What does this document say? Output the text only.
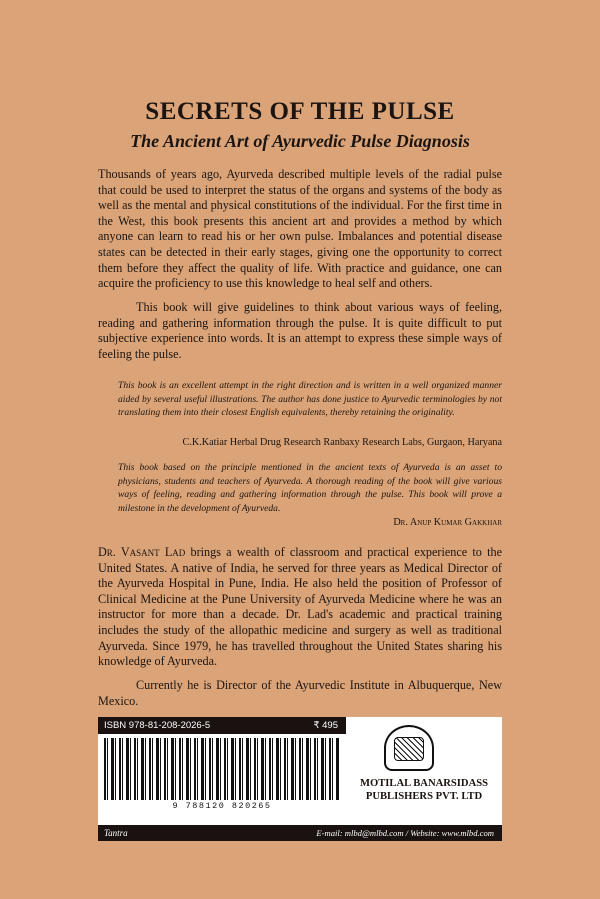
SECRETS OF THE PULSE
The Ancient Art of Ayurvedic Pulse Diagnosis
Thousands of years ago, Ayurveda described multiple levels of the radial pulse that could be used to interpret the status of the organs and systems of the body as well as the mental and physical constitutions of the individual. For the first time in the West, this book presents this ancient art and provides a method by which anyone can learn to read his or her own pulse. Imbalances and potential disease states can be detected in their early stages, giving one the opportunity to correct them before they affect the quality of life. With practice and guidance, one can acquire the proficiency to use this knowledge to heal self and others.
This book will give guidelines to think about various ways of feeling, reading and gathering information through the pulse. It is quite difficult to put subjective experience into words. It is an attempt to express these simple ways of feeling the pulse.
This book is an excellent attempt in the right direction and is written in a well organized manner aided by several useful illustrations. The author has done justice to Ayurvedic terminologies by not translating them into their closest English equivalents, thereby retaining the originality.
C.K.Katiar Herbal Drug Research Ranbaxy Research Labs, Gurgaon, Haryana
This book based on the principle mentioned in the ancient texts of Ayurveda is an asset to physicians, students and teachers of Ayurveda. A thorough reading of the book will give various ways of feeling, reading and gathering information through the pulse. This book will prove a milestone in the development of Ayurveda.
Dr. Anup Kumar Gakkhar
Dr. Vasant Lad brings a wealth of classroom and practical experience to the United States. A native of India, he served for three years as Medical Director of the Ayurveda Hospital in Pune, India. He also held the position of Professor of Clinical Medicine at the Pune University of Ayurveda Medicine where he was an instructor for more than a decade. Dr. Lad's academic and practical training includes the study of the allopathic medicine and surgery as well as traditional Ayurveda. Since 1979, he has travelled throughout the United States sharing his knowledge of Ayurveda.
Currently he is Director of the Ayurvedic Institute in Albuquerque, New Mexico.
ISBN 978-81-208-2026-5	₹ 495
9 788120 820265
MOTILAL BANARSIDASS
PUBLISHERS PVT. LTD
Tantra	E-mail: mlbd@mlbd.com / Website: www.mlbd.com
